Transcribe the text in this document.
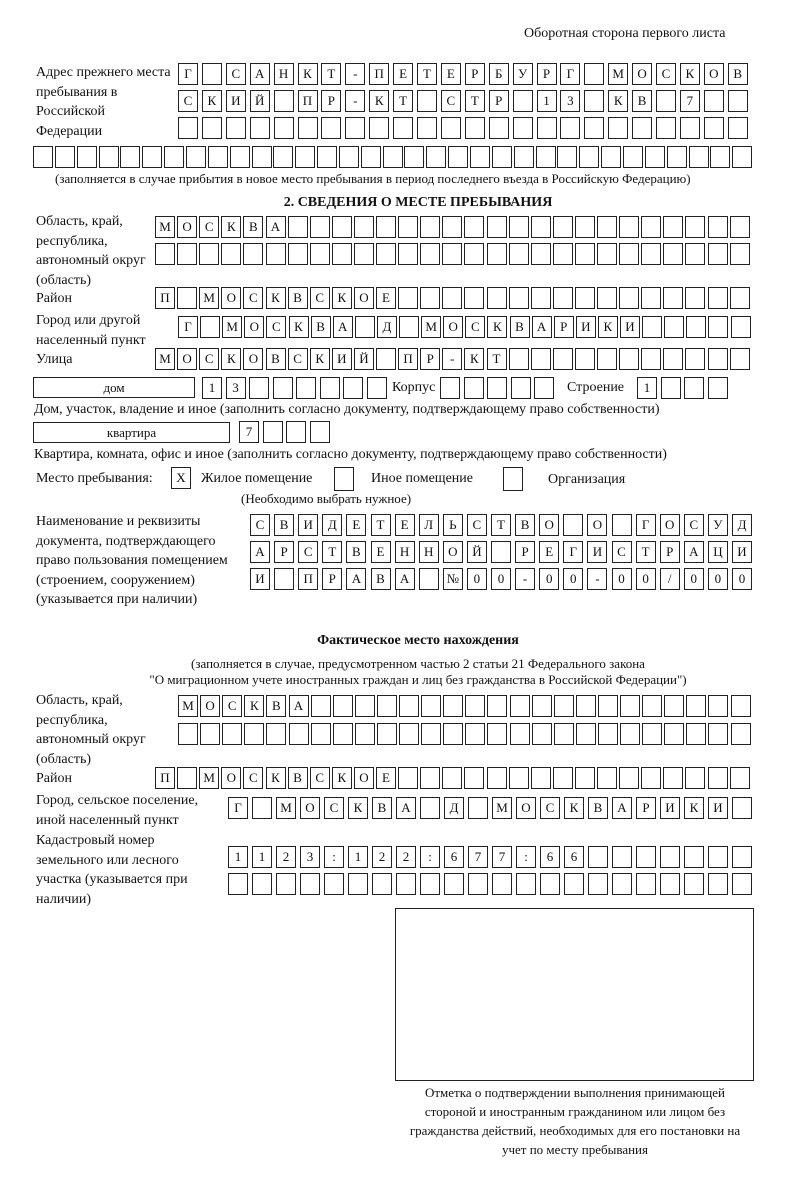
Оборотная сторона первого листа
Адрес прежнего места пребывания в Российской Федерации
Г	С	А	Н	К	Т	-	П	Е	Т	Е	Р	Б	У	Р	Г	М	О	С	К	О	В
С	К	И	Й	П	Р	-	К	Т	С	Т	Р	1	3	К	В	7
(заполняется в случае прибытия в новое место пребывания в период последнего въезда в Российскую Федерацию)
2. СВЕДЕНИЯ О МЕСТЕ ПРЕБЫВАНИЯ
Область, край, республика, автономный округ (область)
М О	С	К	В	А
Район	П	М О	С	К	В	С	К	О	Е
Город или другой населенный пункт
Г	М О	С	К	В	А	Д	М О	С	К	В	А	Р	И	К	И
Улица	М О	С	К	О	В	С	К	И Й	П	Р	-	К	Т
дом	1	3	Корпус	Строение	1
Дом, участок, владение и иное (заполнить согласно документу, подтверждающему право собственности)
квартира	7
Квартира, комната, офис и иное (заполнить согласно документу, подтверждающему право собственности)
Место пребывания:	X	Жилое помещение	Иное помещение	Организация
(Необходимо выбрать нужное)
Наименование и реквизиты документа, подтверждающего право пользования помещением (строением, сооружением) (указывается при наличии)
С	В	И	Д	Е	Т	Е	Л	Ь	С	Т	В	О	О	Г	О	С	У	Д
А	Р	С	Т	В	Е	Н	Н	О	Й	Р	Е	Г	И	С	Т	Р	А	Ц	И
И	П	Р	А	В	А	№	0	0	-	0	0	-	0	0	/	0	0	0
Фактическое место нахождения
(заполняется в случае, предусмотренном частью 2 статьи 21 Федерального закона
"О миграционном учете иностранных граждан и лиц без гражданства в Российской Федерации")
Область, край, республика, автономный округ (область)
М О	С	К	В	А
Район	П	М О	С	К	В	С	К	О	Е
Город, сельское поселение, иной населенный пункт
Г	М	О	С	К	В	А	Д	М	О	С	К	В	А	Р	И	К	И
Кадастровый номер земельного или лесного участка (указывается при наличии)
1	1	2	3	:	1	2	2	:	6	7	7	:	6	6
Отметка о подтверждении выполнения принимающей стороной и иностранным гражданином или лицом без гражданства действий, необходимых для его постановки на учет по месту пребывания
